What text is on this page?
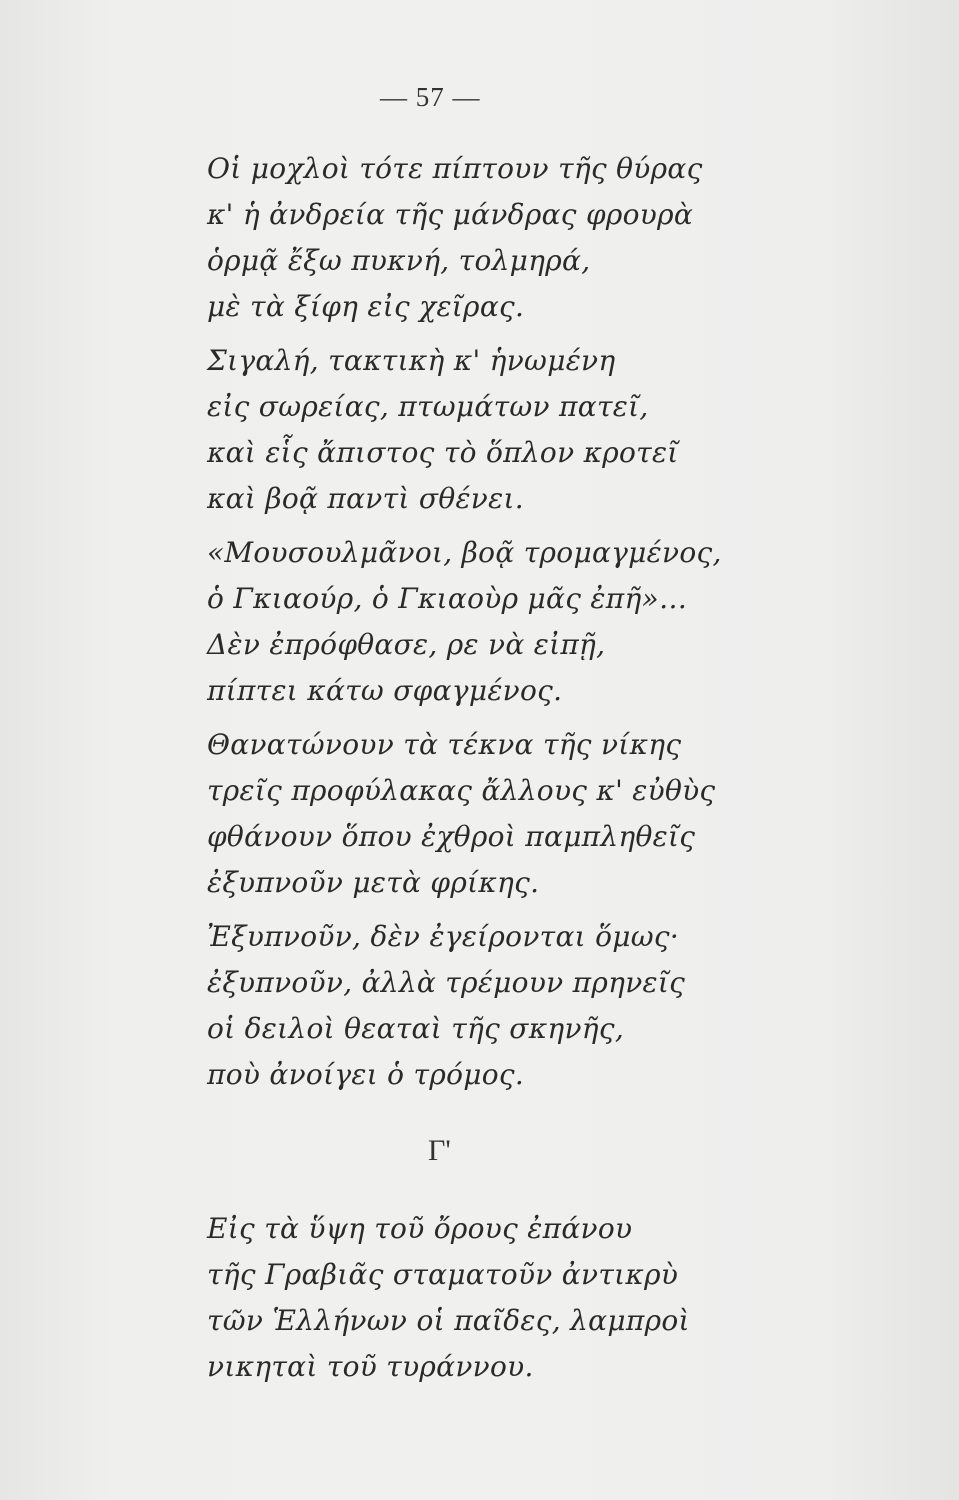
— 57 —
Οἱ μοχλοὶ τότε πίπτουν τῆς θύρας
κ' ἡ ἀνδρεία τῆς μάνδρας φρουρὰ
ὁρμᾷ ἔξω πυκνή, τολμηρά,
μὲ τὰ ξίφη εἰς χεῖρας.
Σιγαλή, τακτικὴ κ' ἡνωμένη
εἰς σωρείας, πτωμάτων πατεῖ,
καὶ εἷς ἄπιστος τὸ ὅπλον κροτεῖ
καὶ βοᾷ παντὶ σθένει.
«Μουσουλμᾶνοι, βοᾷ τρομαγμένος,
ὁ Γκιαούρ, ὁ Γκιαοὺρ μᾶς ἐπῆ»…
Δὲν ἐπρόφθασε, ρε νὰ εἰπῇ,
πίπτει κάτω σφαγμένος.
Θανατώνουν τὰ τέκνα τῆς νίκης
τρεῖς προφύλακας ἄλλους κ' εὐθὺς
φθάνουν ὅπου ἐχθροὶ παμπληθεῖς
ἐξυπνοῦν μετὰ φρίκης.
Ἐξυπνοῦν, δὲν ἐγείρονται ὅμως·
ἐξυπνοῦν, ἀλλὰ τρέμουν πρηνεῖς
οἱ δειλοὶ θεαταὶ τῆς σκηνῆς,
ποὺ ἀνοίγει ὁ τρόμος.
Γ'
Εἰς τὰ ὕψη τοῦ ὄρους ἐπάνου
τῆς Γραβιᾶς σταματοῦν ἀντικρὺ
τῶν Ἑλλήνων οἱ παῖδες, λαμπροὶ
νικηταὶ τοῦ τυράννου.
